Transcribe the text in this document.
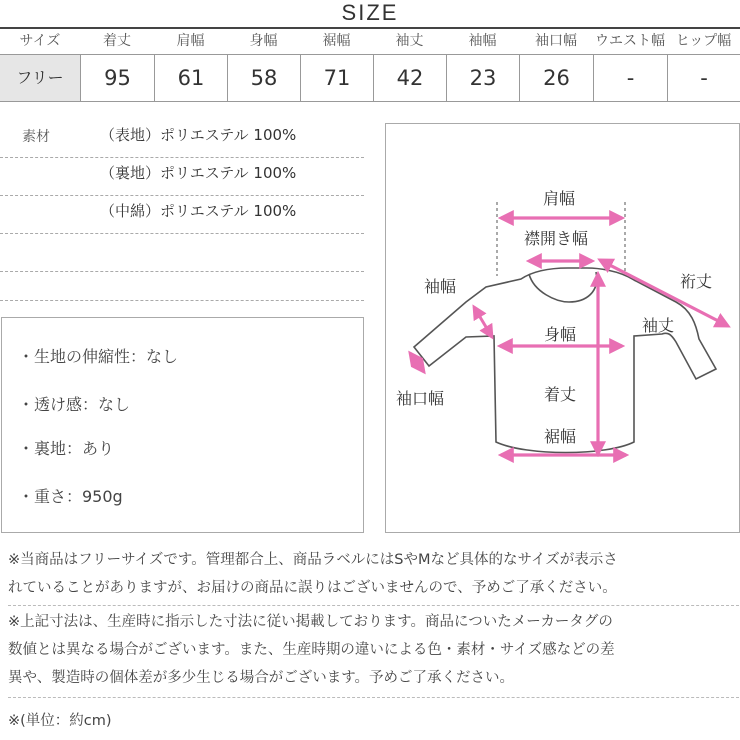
SIZE
サイズ	着丈	肩幅	身幅	裾幅	袖丈	袖幅	袖口幅	ウエスト幅 ヒップ幅
フリー	95	61	58	71	42	23	26	-	-
素材	（表地）ポリエステル 100%
（裏地）ポリエステル 100%
（中綿）ポリエステル 100%
・生地の伸縮性：なし
・透け感：なし
・裏地：あり
・重さ：950g
肩幅
襟開き幅
袖幅	裄丈
袖丈
身幅
袖口幅	着丈
裾幅
※当商品はフリーサイズです。管理都合上、商品ラベルにはSやMなど具体的なサイズが表示さ
れていることがありますが、お届けの商品に誤りはございませんので、予めご了承ください。
※上記寸法は、生産時に指示した寸法に従い掲載しております。商品についたメーカータグの
数値とは異なる場合がございます。また、生産時期の違いによる色・素材・サイズ感などの差
異や、製造時の個体差が多少生じる場合がございます。予めご了承ください。
※(単位：約cm)
